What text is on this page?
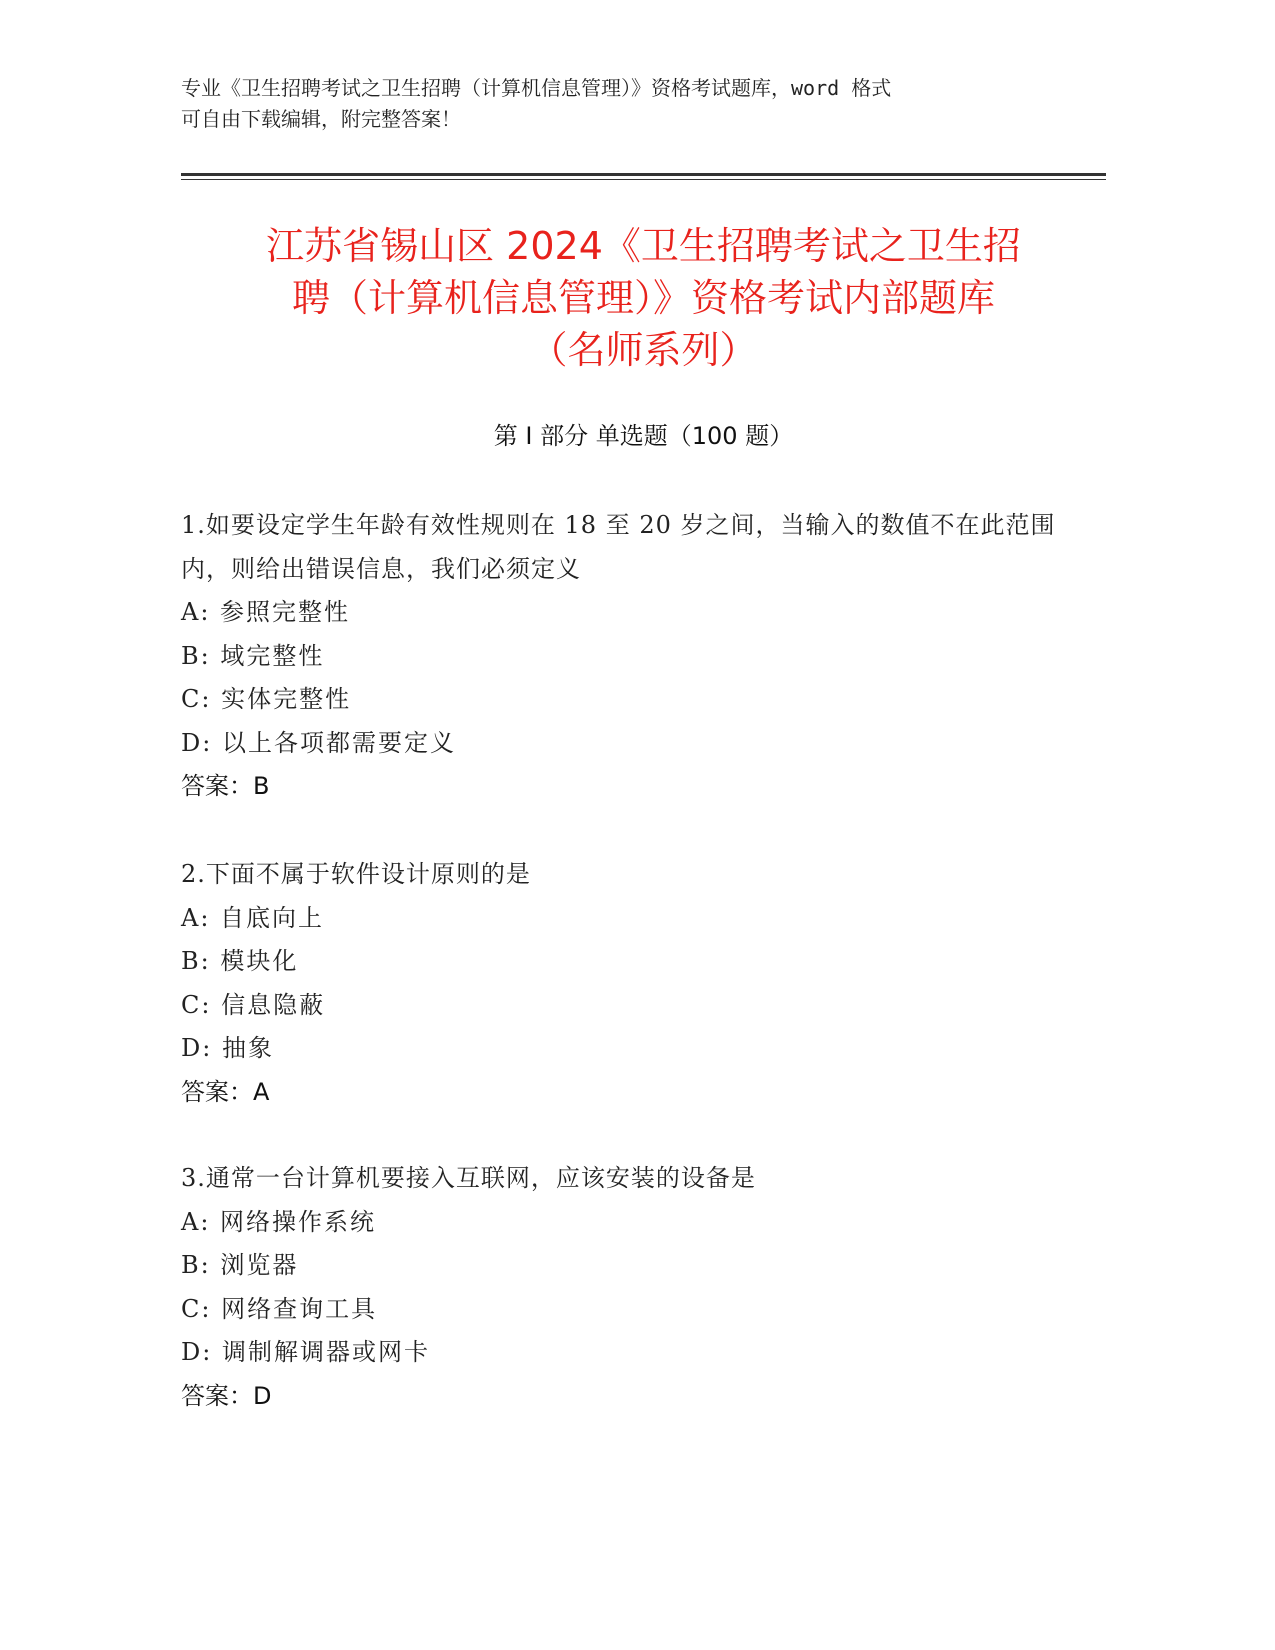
专业《卫生招聘考试之卫生招聘（计算机信息管理）》资格考试题库，word 格式
可自由下载编辑，附完整答案！
江苏省锡山区 2024《卫生招聘考试之卫生招
聘（计算机信息管理）》资格考试内部题库
（名师系列）
第 I 部分 单选题（100 题）

1.如要设定学生年龄有效性规则在 18 至 20 岁之间，当输入的数值不在此范围内，则给出错误信息，我们必须定义

A: 参照完整性

B: 域完整性

C: 实体完整性

D: 以上各项都需要定义

答案：B

2.下面不属于软件设计原则的是

A: 自底向上

B: 模块化

C: 信息隐蔽

D: 抽象

答案：A

3.通常一台计算机要接入互联网，应该安装的设备是

A: 网络操作系统

B: 浏览器

C: 网络查询工具

D: 调制解调器或网卡

答案：D
